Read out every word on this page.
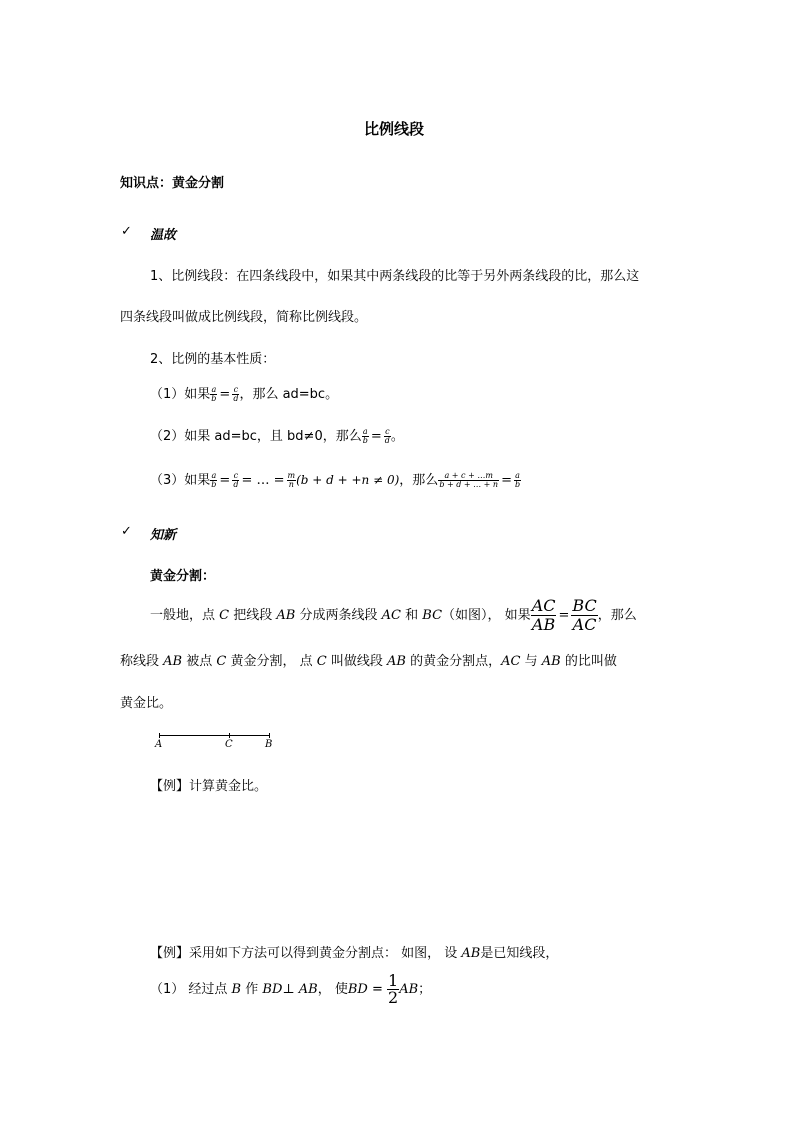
比例线段
知识点：黄金分割
✓ 温故
1、比例线段：在四条线段中，如果其中两条线段的比等于另外两条线段的比，那么这
四条线段叫做成比例线段，简称比例线段。
2、比例的基本性质：
（1）如果 $\frac{a}{b} = \frac{c}{d}$ ，那么 ad=bc。
（2）如果 ad=bc，且 bd≠0，那么 $\frac{a}{b} = \frac{c}{d}$ 。
（3）如果 $\frac{a}{b} = \frac{c}{d}$ = … = $\frac{m}{n} (b + d + +n \ne 0)$，那么 $\frac{a + c + \dots m}{b + d + \dots + n} = \frac{a}{b}$
✓ 知新
黄金分割：
一般地，点 C 把线段 AB 分成两条线段 AC 和 BC（如图）， 如果 $\frac{AC}{AB} = \frac{BC}{AC}$ ，那么
称线段 AB 被点 C 黄金分割， 点 C 叫做线段 AB 的黄金分割点，AC 与 AB 的比叫做
黄金比。
A	C	B
【例】计算黄金比。
【例】采用如下方法可以得到黄金分割点： 如图， 设 AB是已知线段，
（1） 经过点 B 作 BD⊥ AB， 使BD = $\frac{1}{2}$ AB；
